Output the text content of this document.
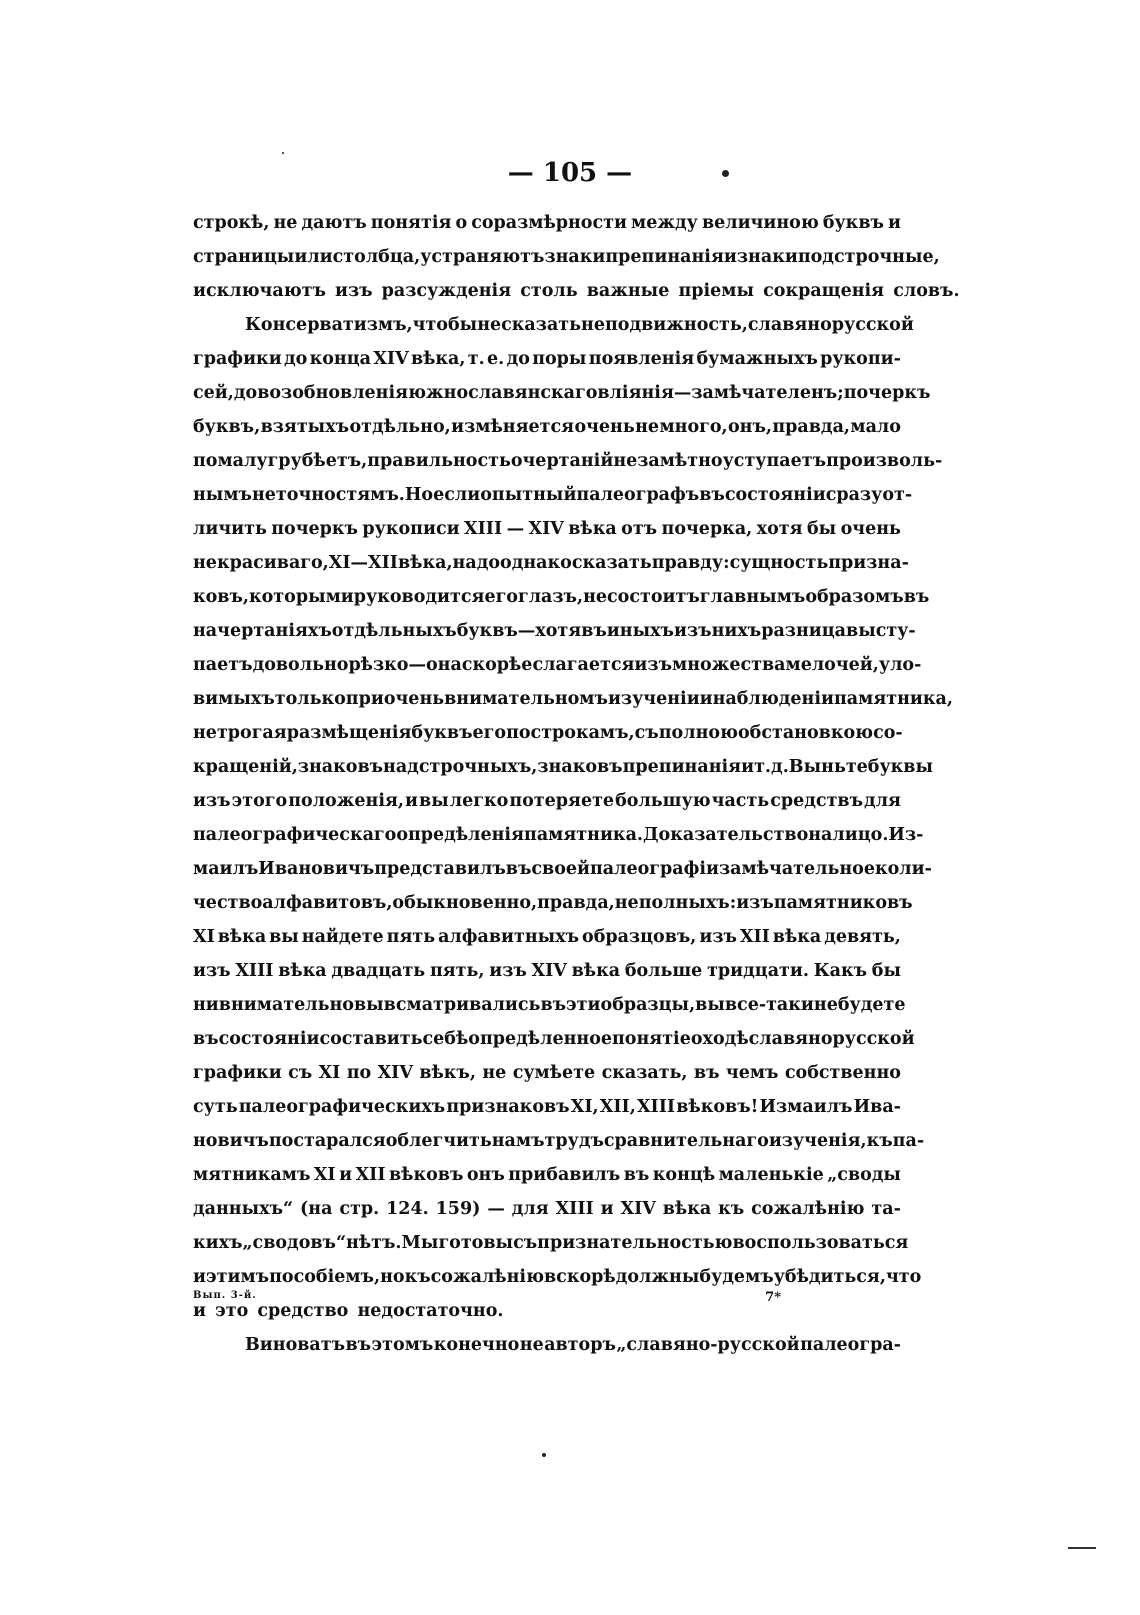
— 105 —
строкѣ, не даютъ понятія о соразмѣрности между величиною буквъ и
страницы или столбца, устраняютъ знаки препинанія и знаки подстрочные,
исключаютъ изъ разсужденія столь важные пріемы сокращенія словъ.
Консерватизмъ, чтобы не сказать неподвижность, славянорусской
графики до конца XIV вѣка, т. е. до поры появленія бумажныхъ рукопи-
сей, до возобновленія южнославянскаго вліянія — замѣчателенъ; почеркъ
буквъ, взятыхъ отдѣльно, измѣняется очень не много, онъ, правда, мало
по малу грубѣетъ, правильность очертаній незамѣтно уступаетъ произволь-
нымъ неточностямъ. Но если опытный палеографъ въ состояніи сразу от-
личить почеркъ рукописи XIII — XIV вѣка отъ почерка, хотя бы очень
некрасиваго, XI — XII вѣка, надо однако сказать правду: сущность призна-
ковъ, которыми руководится его глазъ, не состоитъ главнымъ образомъ въ
начертаніяхъ отдѣльныхъ буквъ — хотя въ иныхъ изъ нихъ разница высту-
паетъ довольно рѣзко — она скорѣе слагается изъ множества мелочей, уло-
вимыхъ только при очень внимательномъ изученіи и наблюденіи памятника,
не трогая размѣщенія буквъ его по строкамъ, съ полною обстановкою со-
кращеній, знаковъ надстрочныхъ, знаковъ препинанія и т. д. Выньте буквы
изъ этого положенія, и вы легко потеряете большую часть средствъ для
палеографическаго опредѣленія памятника. Доказательство на лицо. Из-
маилъ Ивановичъ представилъ въ своей палеографіи замѣчательное коли-
чество алфавитовъ, обыкновенно, правда, неполныхъ: изъ памятниковъ
XI вѣка вы найдете пять алфавитныхъ образцовъ, изъ XII вѣка девять,
изъ XIII вѣка двадцать пять, изъ XIV вѣка больше тридцати. Какъ бы
ни внимательно вы всматривались въ эти образцы, вы все-таки не будете
въ состояніи составить себѣ опредѣленное понятіе о ходѣ славянорусской
графики съ XI по XIV вѣкъ, не сумѣете сказать, въ чемъ собственно
суть палеографическихъ признаковъ XI, XII, XIII вѣковъ! Измаилъ Ива-
новичъ постарался облегчить намъ трудъ сравнительнаго изученія, къ па-
мятникамъ XI и XII вѣковъ онъ прибавилъ въ концѣ маленькіе „своды
данныхъ“ (на стр. 124. 159) — для XIII и XIV вѣка къ сожалѣнію та-
кихъ „сводовъ“ нѣтъ. Мы готовы съ признательностью воспользоваться
и этимъ пособіемъ, но къ сожалѣнію вскорѣ должны будемъ убѣдиться, что
и это средство недостаточно.
Виноватъ въ этомъ конечно не авторъ „славяно-русской палеогра-
Вып. 3-й.	7*
